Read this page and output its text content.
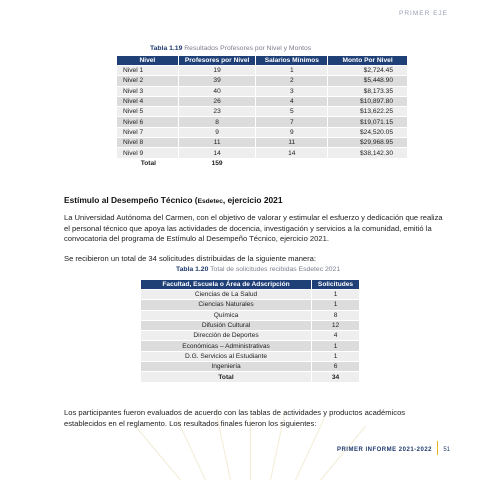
PRIMER EJE
Tabla 1.19 Resultados Profesores por Nivel y Montos
Nivel	Profesores por Nivel	Salarios Mínimos	Monto Por Nivel
Nivel 1	19	1	$2,724.45
Nivel 2	39	2	$5,448.90
Nivel 3	40	3	$8,173.35
Nivel 4	26	4	$10,897.80
Nivel 5	23	5	$13,622.25
Nivel 6	8	7	$19,071.15
Nivel 7	9	9	$24,520.05
Nivel 8	11	11	$29,968.95
Nivel 9	14	14	$38,142.30
Total	159		
Estímulo al Desempeño Técnico (Esdetec, ejercicio 2021

La Universidad Autónoma del Carmen, con el objetivo de valorar y estimular el esfuerzo y dedicación que realiza el personal técnico que apoya las actividades de docencia, investigación y servicios a la comunidad, emitió la convocatoria del programa de Estímulo al Desempeño Técnico, ejercicio 2021.

Se recibieron un total de 34 solicitudes distribuidas de la siguiente manera:

Tabla 1.20 Total de solicitudes recibidas Esdetec 2021
Facultad, Escuela o Área de Adscripción	Solicitudes
Ciencias de La Salud	1
Ciencias Naturales	1
Química	8
Difusión Cultural	12
Dirección de Deportes	4
Económicas – Administrativas	1
D.G. Servicios al Estudiante	1
Ingeniería	6
Total	34

Los participantes fueron evaluados de acuerdo con las tablas de actividades y productos académicos establecidos en el reglamento. Los resultados finales fueron los siguientes:

PRIMER INFORME 2021-2022 51
